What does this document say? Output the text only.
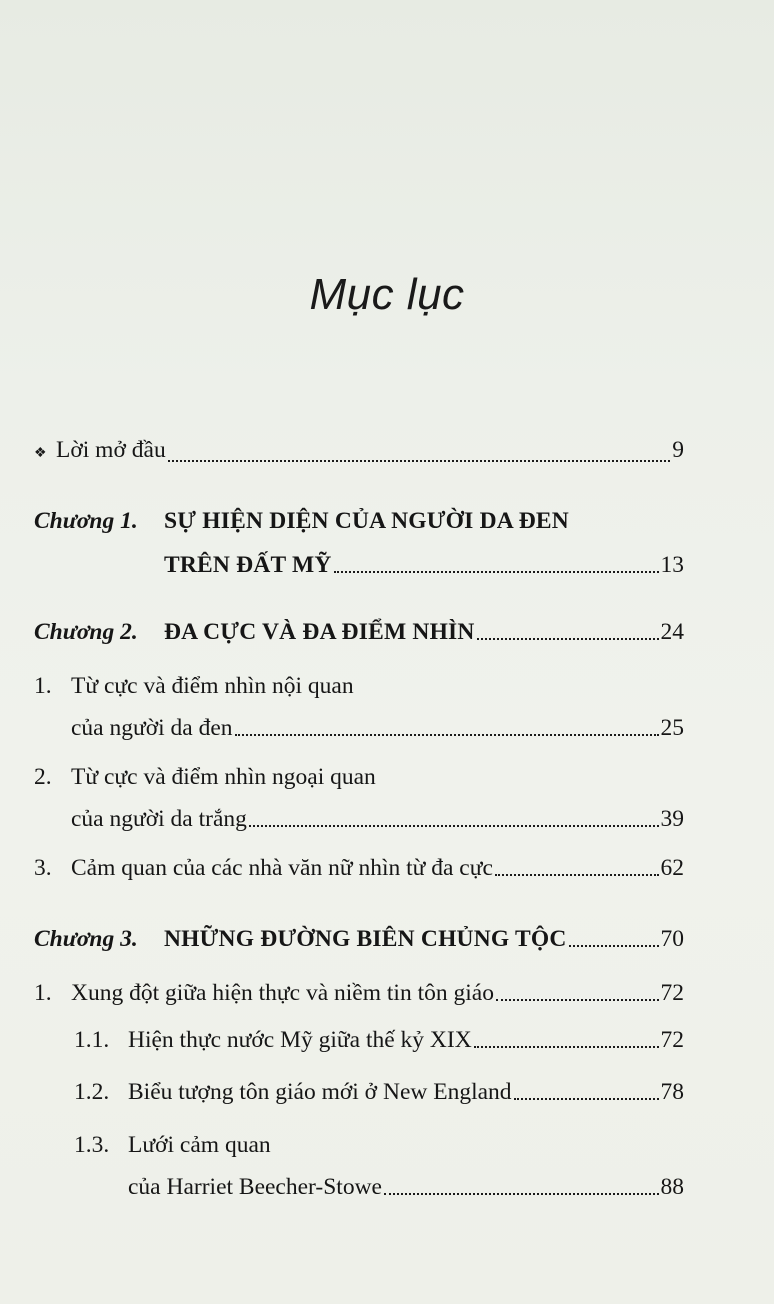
Mục lục
❖ Lời mở đầu	9
Chương 1.	SỰ HIỆN DIỆN CỦA NGƯỜI DA ĐEN
TRÊN ĐẤT MỸ	13
Chương 2.	ĐA CỰC VÀ ĐA ĐIỂM NHÌN	24
1. Từ cực và điểm nhìn nội quan
của người da đen	25
2. Từ cực và điểm nhìn ngoại quan
của người da trắng	39
3. Cảm quan của các nhà văn nữ nhìn từ đa cực	62
Chương 3.	NHỮNG ĐƯỜNG BIÊN CHỦNG TỘC	70
1. Xung đột giữa hiện thực và niềm tin tôn giáo	72
1.1. Hiện thực nước Mỹ giữa thế kỷ XIX	72
1.2. Biểu tượng tôn giáo mới ở New England	78
1.3. Lưới cảm quan
của Harriet Beecher-Stowe	88
